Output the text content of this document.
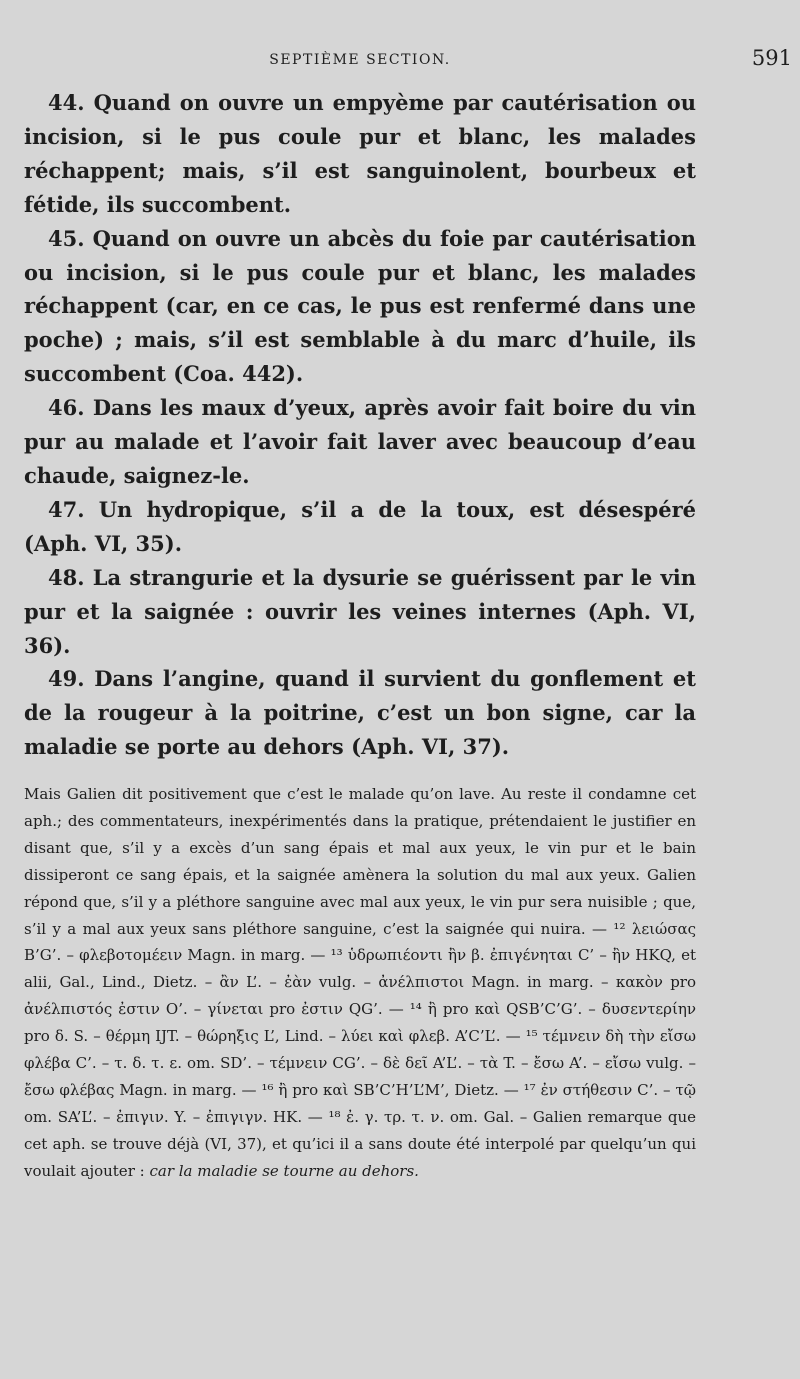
SEPTIÈME SECTION.	591

44. Quand on ouvre un empyème par cautérisation ou incision, si le pus coule pur et blanc, les malades réchappent; mais, s’il est sanguinolent, bourbeux et fétide, ils succombent.

45. Quand on ouvre un abcès du foie par cautérisation ou incision, si le pus coule pur et blanc, les malades réchappent (car, en ce cas, le pus est renfermé dans une poche) ; mais, s’il est semblable à du marc d’huile, ils succombent (Coa. 442).

46. Dans les maux d’yeux, après avoir fait boire du vin pur au malade et l’avoir fait laver avec beaucoup d’eau chaude, saignez-le.

47. Un hydropique, s’il a de la toux, est désespéré (Aph. VI, 35).

48. La strangurie et la dysurie se guérissent par le vin pur et la saignée : ouvrir les veines internes (Aph. VI, 36).

49. Dans l’angine, quand il survient du gonflement et de la rougeur à la poitrine, c’est un bon signe, car la maladie se porte au dehors (Aph. VI, 37).

Mais Galien dit positivement que c’est le malade qu’on lave. Au reste il condamne cet aph.; des commentateurs, inexpérimentés dans la pratique, prétendaient le justifier en disant que, s’il y a excès d’un sang épais et mal aux yeux, le vin pur et le bain dissiperont ce sang épais, et la saignée amènera la solution du mal aux yeux. Galien répond que, s’il y a pléthore sanguine avec mal aux yeux, le vin pur sera nuisible ; que, s’il y a mal aux yeux sans pléthore sanguine, c’est la saignée qui nuira. — ¹² λειώσας B’G’. – φλεβοτομέειν Magn. in marg. — ¹³ ὑδρωπιέοντι ἢν β. ἐπιγένηται C’ – ἢν HKQ, et alii, Gal., Lind., Dietz. – ἂν L’. – ἐὰν vulg. – ἀνέλπιστοι Magn. in marg. – κακὸν pro ἀνέλπιστός ἐστιν O’. – γίνεται pro ἐστιν QG’. — ¹⁴ ἢ pro καὶ QSB’C’G’. – δυσεντερίην pro δ. S. – θέρμη IJT. – θώρηξις L’, Lind. – λύει καὶ φλεβ. A’C’L’. — ¹⁵ τέμνειν δὴ τὴν εἴσω φλέβα C’. – τ. δ. τ. ε. om. SD’. – τέμνειν CG’. – δὲ δεῖ A’L’. – τὰ T. – ἔσω A’. – εἴσω vulg. – ἔσω φλέβας Magn. in marg. — ¹⁶ ἢ pro καὶ SB’C’H’L’M’, Dietz. — ¹⁷ ἐν στήθεσιν C’. – τῷ om. SA’L’. – ἐπιγιν. Y. – ἐπιγιγν. HK. — ¹⁸ ἐ. γ. τρ. τ. ν. om. Gal. – Galien remarque que cet aph. se trouve déjà (VI, 37), et qu’ici il a sans doute été interpolé par quelqu’un qui voulait ajouter : car la maladie se tourne au dehors.
